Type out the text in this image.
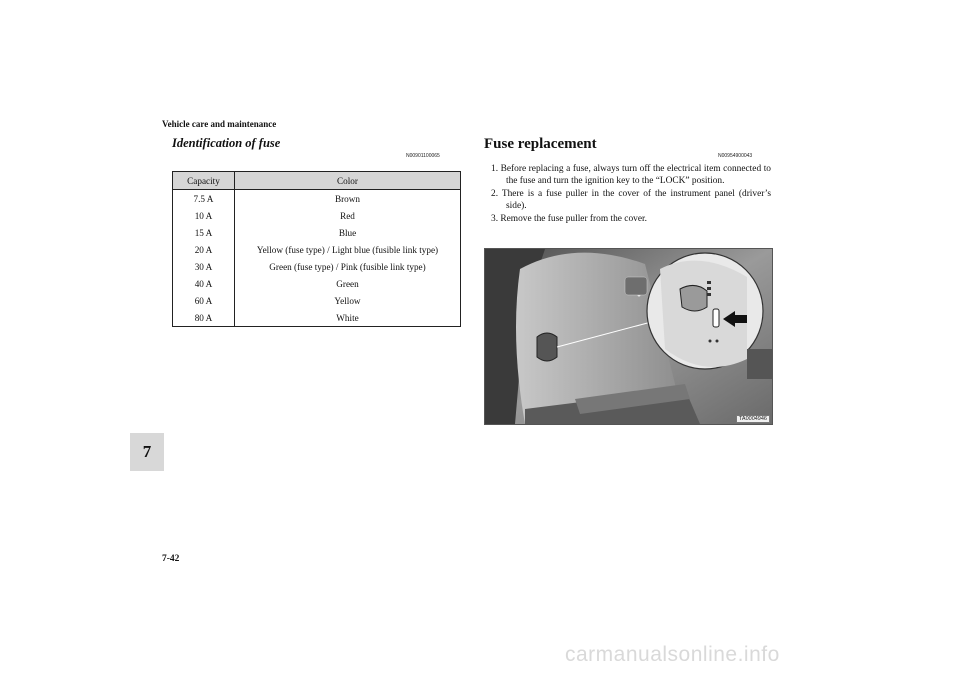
Vehicle care and maintenance
Identification of fuse
N00901100065
Capacity	Color
7.5 A	Brown
10 A	Red
15 A	Blue
20 A	Yellow (fuse type) / Light blue (fusible link type)
30 A	Green (fuse type) / Pink (fusible link type)
40 A	Green
60 A	Yellow
80 A	White
Fuse replacement
N00954900043
1. Before replacing a fuse, always turn off the electrical item connected to the fuse and turn the ignition key to the “LOCK” position.
2. There is a fuse puller in the cover of the instrument panel (driver’s side).
3. Remove the fuse puller from the cover.
TA0004946
7
7-42
carmanualsonline.info
